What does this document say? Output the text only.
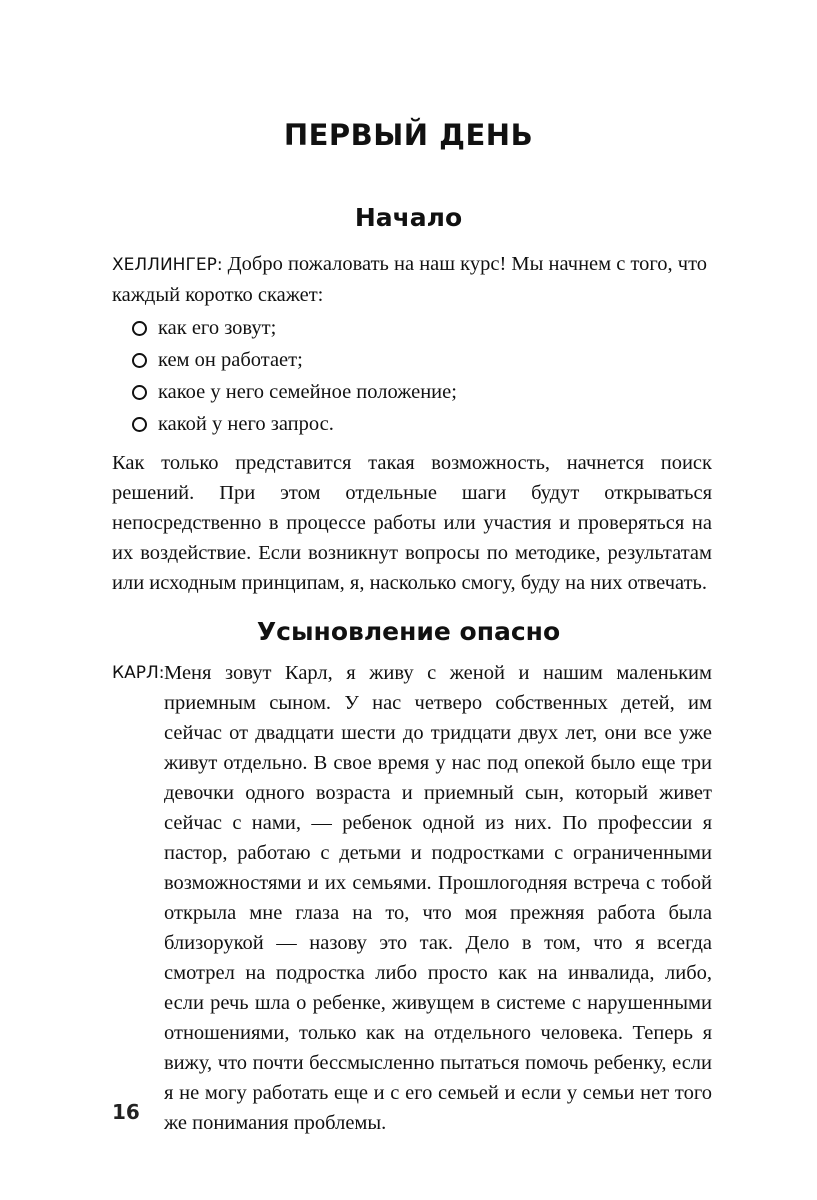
ПЕРВЫЙ ДЕНЬ
Начало

ХЕЛЛИНГЕР: Добро пожаловать на наш курс! Мы начнем с того, что каждый коротко скажет:

как его зовут;
кем он работает;
какое у него семейное положение;
какой у него запрос.

Как только представится такая возможность, начнется поиск решений. При этом отдельные шаги будут открываться непосредственно в процессе работы или участия и проверяться на их воздействие. Если возникнут вопросы по методике, результатам или исходным принципам, я, насколько смогу, буду на них отвечать.

Усыновление опасно
КАРЛ: Меня зовут Карл, я живу с женой и нашим маленьким приемным сыном. У нас четверо собственных детей, им сейчас от двадцати шести до тридцати двух лет, они все уже живут отдельно. В свое время у нас под опекой было еще три девочки одного возраста и приемный сын, который живет сейчас с нами, — ребенок одной из них. По профессии я пастор, работаю с детьми и подростками с ограниченными возможностями и их семьями. Прошлогодняя встреча с тобой открыла мне глаза на то, что моя прежняя работа была близорукой — назову это так. Дело в том, что я всегда смотрел на подростка либо просто как на инвалида, либо, если речь шла о ребенке, живущем в системе с нарушенными отношениями, только как на отдельного человека. Теперь я вижу, что почти бессмысленно пытаться помочь ребенку, если я не могу работать еще и с его семьей и если у семьи нет того же понимания проблемы.

16
